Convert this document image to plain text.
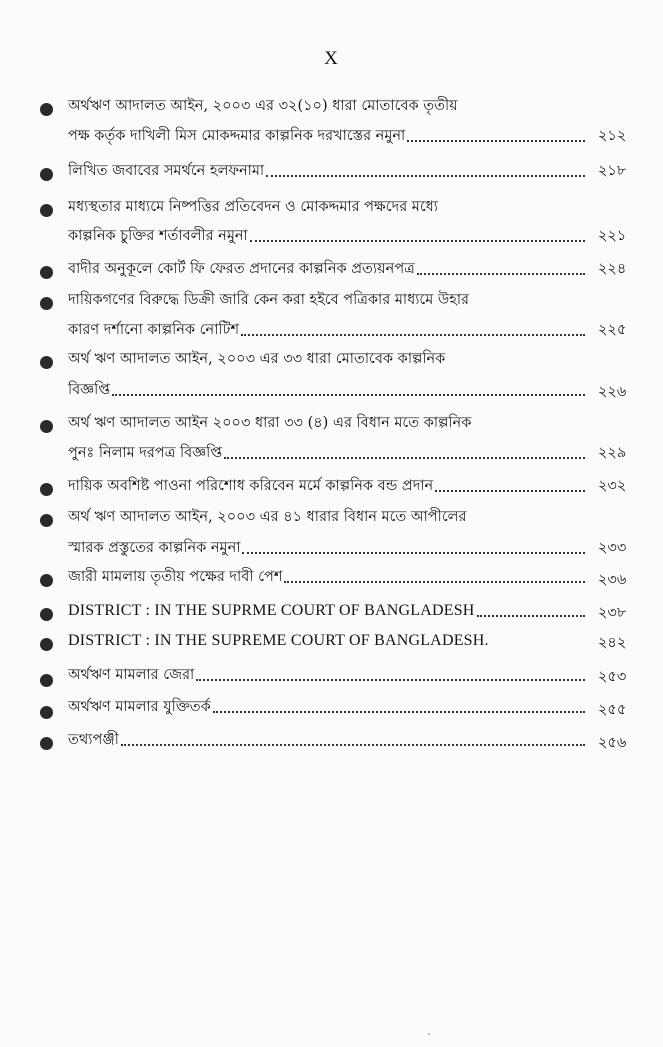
X
অর্থঋণ আদালত আইন, ২০০৩ এর ৩২(১০) ধারা মোতাবেক তৃতীয়
পক্ষ কর্তৃক দাখিলী মিস মোকদ্দমার কাল্পনিক দরখাস্তের নমুনা	২১২
লিখিত জবাবের সমর্থনে হলফনামা	২১৮
মধ্যস্থতার মাধ্যমে নিষ্পত্তির প্রতিবেদন ও মোকদ্দমার পক্ষদের মধ্যে
কাল্পনিক চুক্তির শর্তাবলীর নমুনা	২২১
বাদীর অনুকূলে কোর্ট ফি ফেরত প্রদানের কাল্পনিক প্রত্যয়নপত্র	২২৪
দায়িকগণের বিরুদ্ধে ডিক্রী জারি কেন করা হইবে পত্রিকার মাধ্যমে উহার
কারণ দর্শানো কাল্পনিক নোটিশ	২২৫
অর্থ ঋণ আদালত আইন, ২০০৩ এর ৩৩ ধারা মোতাবেক কাল্পনিক
বিজ্ঞপ্তি	২২৬
অর্থ ঋণ আদালত আইন ২০০৩ ধারা ৩৩ (৪) এর বিধান মতে কাল্পনিক
পুনঃ নিলাম দরপত্র বিজ্ঞপ্তি	২২৯
দায়িক অবশিষ্ট পাওনা পরিশোধ করিবেন মর্মে কাল্পনিক বন্ড প্রদান	২৩২
অর্থ ঋণ আদালত আইন, ২০০৩ এর ৪১ ধারার বিধান মতে আপীলের
স্মারক প্রস্তুতের কাল্পনিক নমুনা	২৩৩
জারী মামলায় তৃতীয় পক্ষের দাবী পেশ	২৩৬
DISTRICT : IN THE SUPRME COURT OF BANGLADESH	২৩৮
DISTRICT : IN THE SUPREME COURT OF BANGLADESH.	২৪২
অর্থঋণ মামলার জেরা	২৫৩
অর্থঋণ মামলার যুক্তিতর্ক	২৫৫
তথ্যপঞ্জী	২৫৬
